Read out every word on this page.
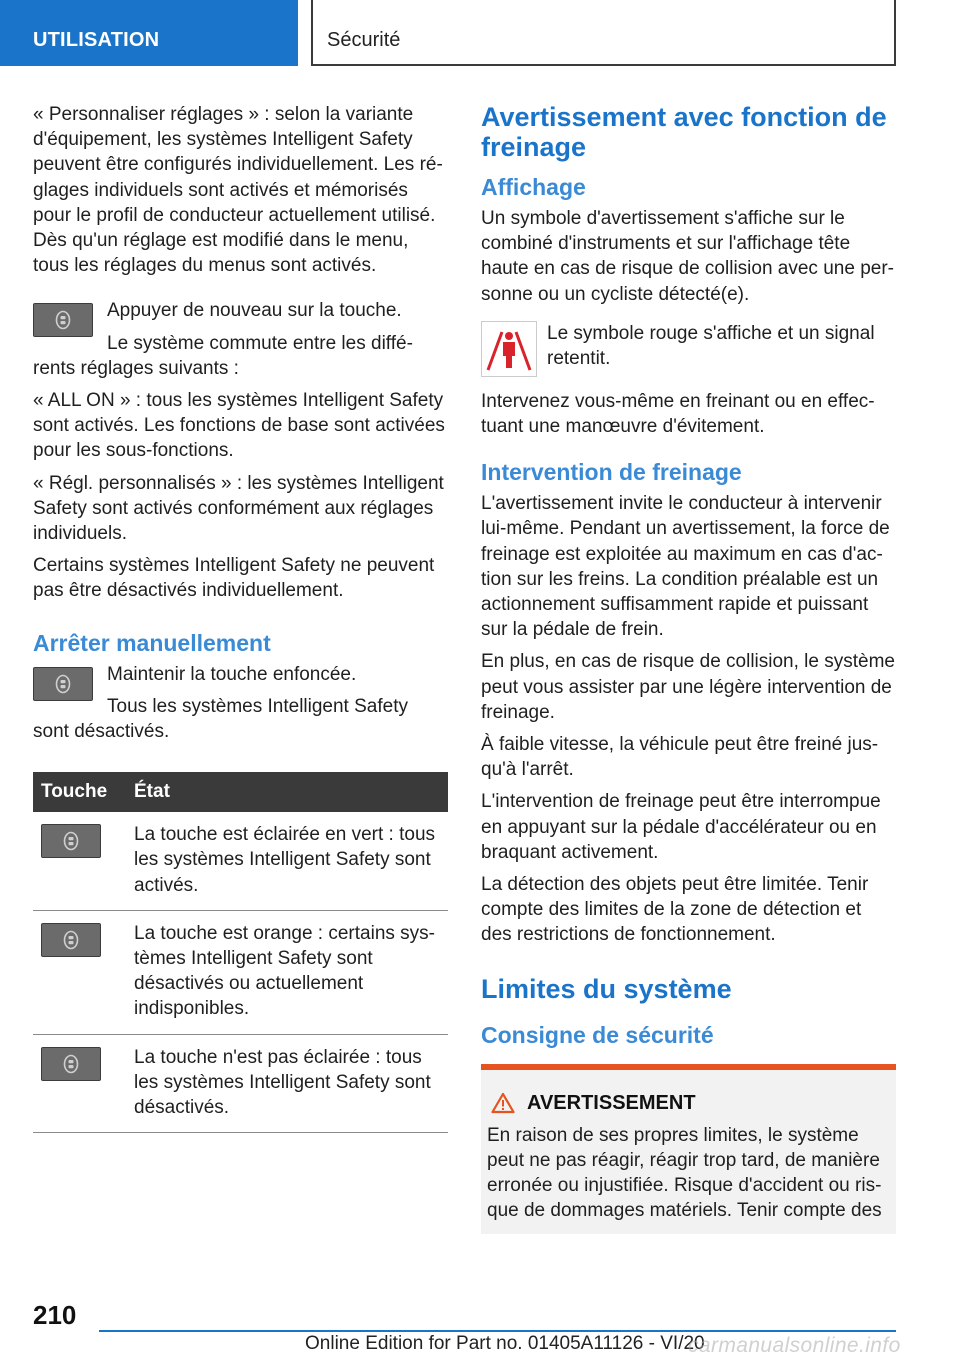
UTILISATION	Sécurité

« Personnaliser réglages » : selon la variante d'équipement, les systèmes Intelligent Safety peuvent être configurés individuellement. Les réglages individuels sont activés et mémorisés pour le profil de conducteur actuellement utilisé. Dès qu'un réglage est modifié dans le menu, tous les réglages du menus sont activés.

Appuyer de nouveau sur la touche.

Le système commute entre les différents réglages suivants :

« ALL ON » : tous les systèmes Intelligent Safety sont activés. Les fonctions de base sont activées pour les sous-fonctions.

« Régl. personnalisés » : les systèmes Intelligent Safety sont activés conformément aux réglages individuels.

Certains systèmes Intelligent Safety ne peuvent pas être désactivés individuellement.

Arrêter manuellement

Maintenir la touche enfoncée.

Tous les systèmes Intelligent Safety sont désactivés.

Touche	État

	La touche est éclairée en vert : tous les systèmes Intelligent Safety sont activés.

	La touche est orange : certains systèmes Intelligent Safety sont désactivés ou actuellement indisponibles.

	La touche n'est pas éclairée : tous les systèmes Intelligent Safety sont désactivés.
Avertissement avec fonction de freinage
Affichage

Un symbole d'avertissement s'affiche sur le combiné d'instruments et sur l'affichage tête haute en cas de risque de collision avec une personne ou un cycliste détecté(e).

Le symbole rouge s'affiche et un signal retentit.

Intervenez vous-même en freinant ou en effectuant une manœuvre d'évitement.

Intervention de freinage

L'avertissement invite le conducteur à intervenir lui-même. Pendant un avertissement, la force de freinage est exploitée au maximum en cas d'action sur les freins. La condition préalable est un actionnement suffisamment rapide et puissant sur la pédale de frein.

En plus, en cas de risque de collision, le système peut vous assister par une légère intervention de freinage.

À faible vitesse, la véhicule peut être freiné jusqu'à l'arrêt.

L'intervention de freinage peut être interrompue en appuyant sur la pédale d'accélérateur ou en braquant activement.

La détection des objets peut être limitée. Tenir compte des limites de la zone de détection et des restrictions de fonctionnement.

Limites du système
Consigne de sécurité
AVERTISSEMENT

En raison de ses propres limites, le système peut ne pas réagir, réagir trop tard, de manière erronée ou injustifiée. Risque d'accident ou risque de dommages matériels. Tenir compte des

210
Online Edition for Part no. 01405A11126 - VI/20
carmanualsonline.info
